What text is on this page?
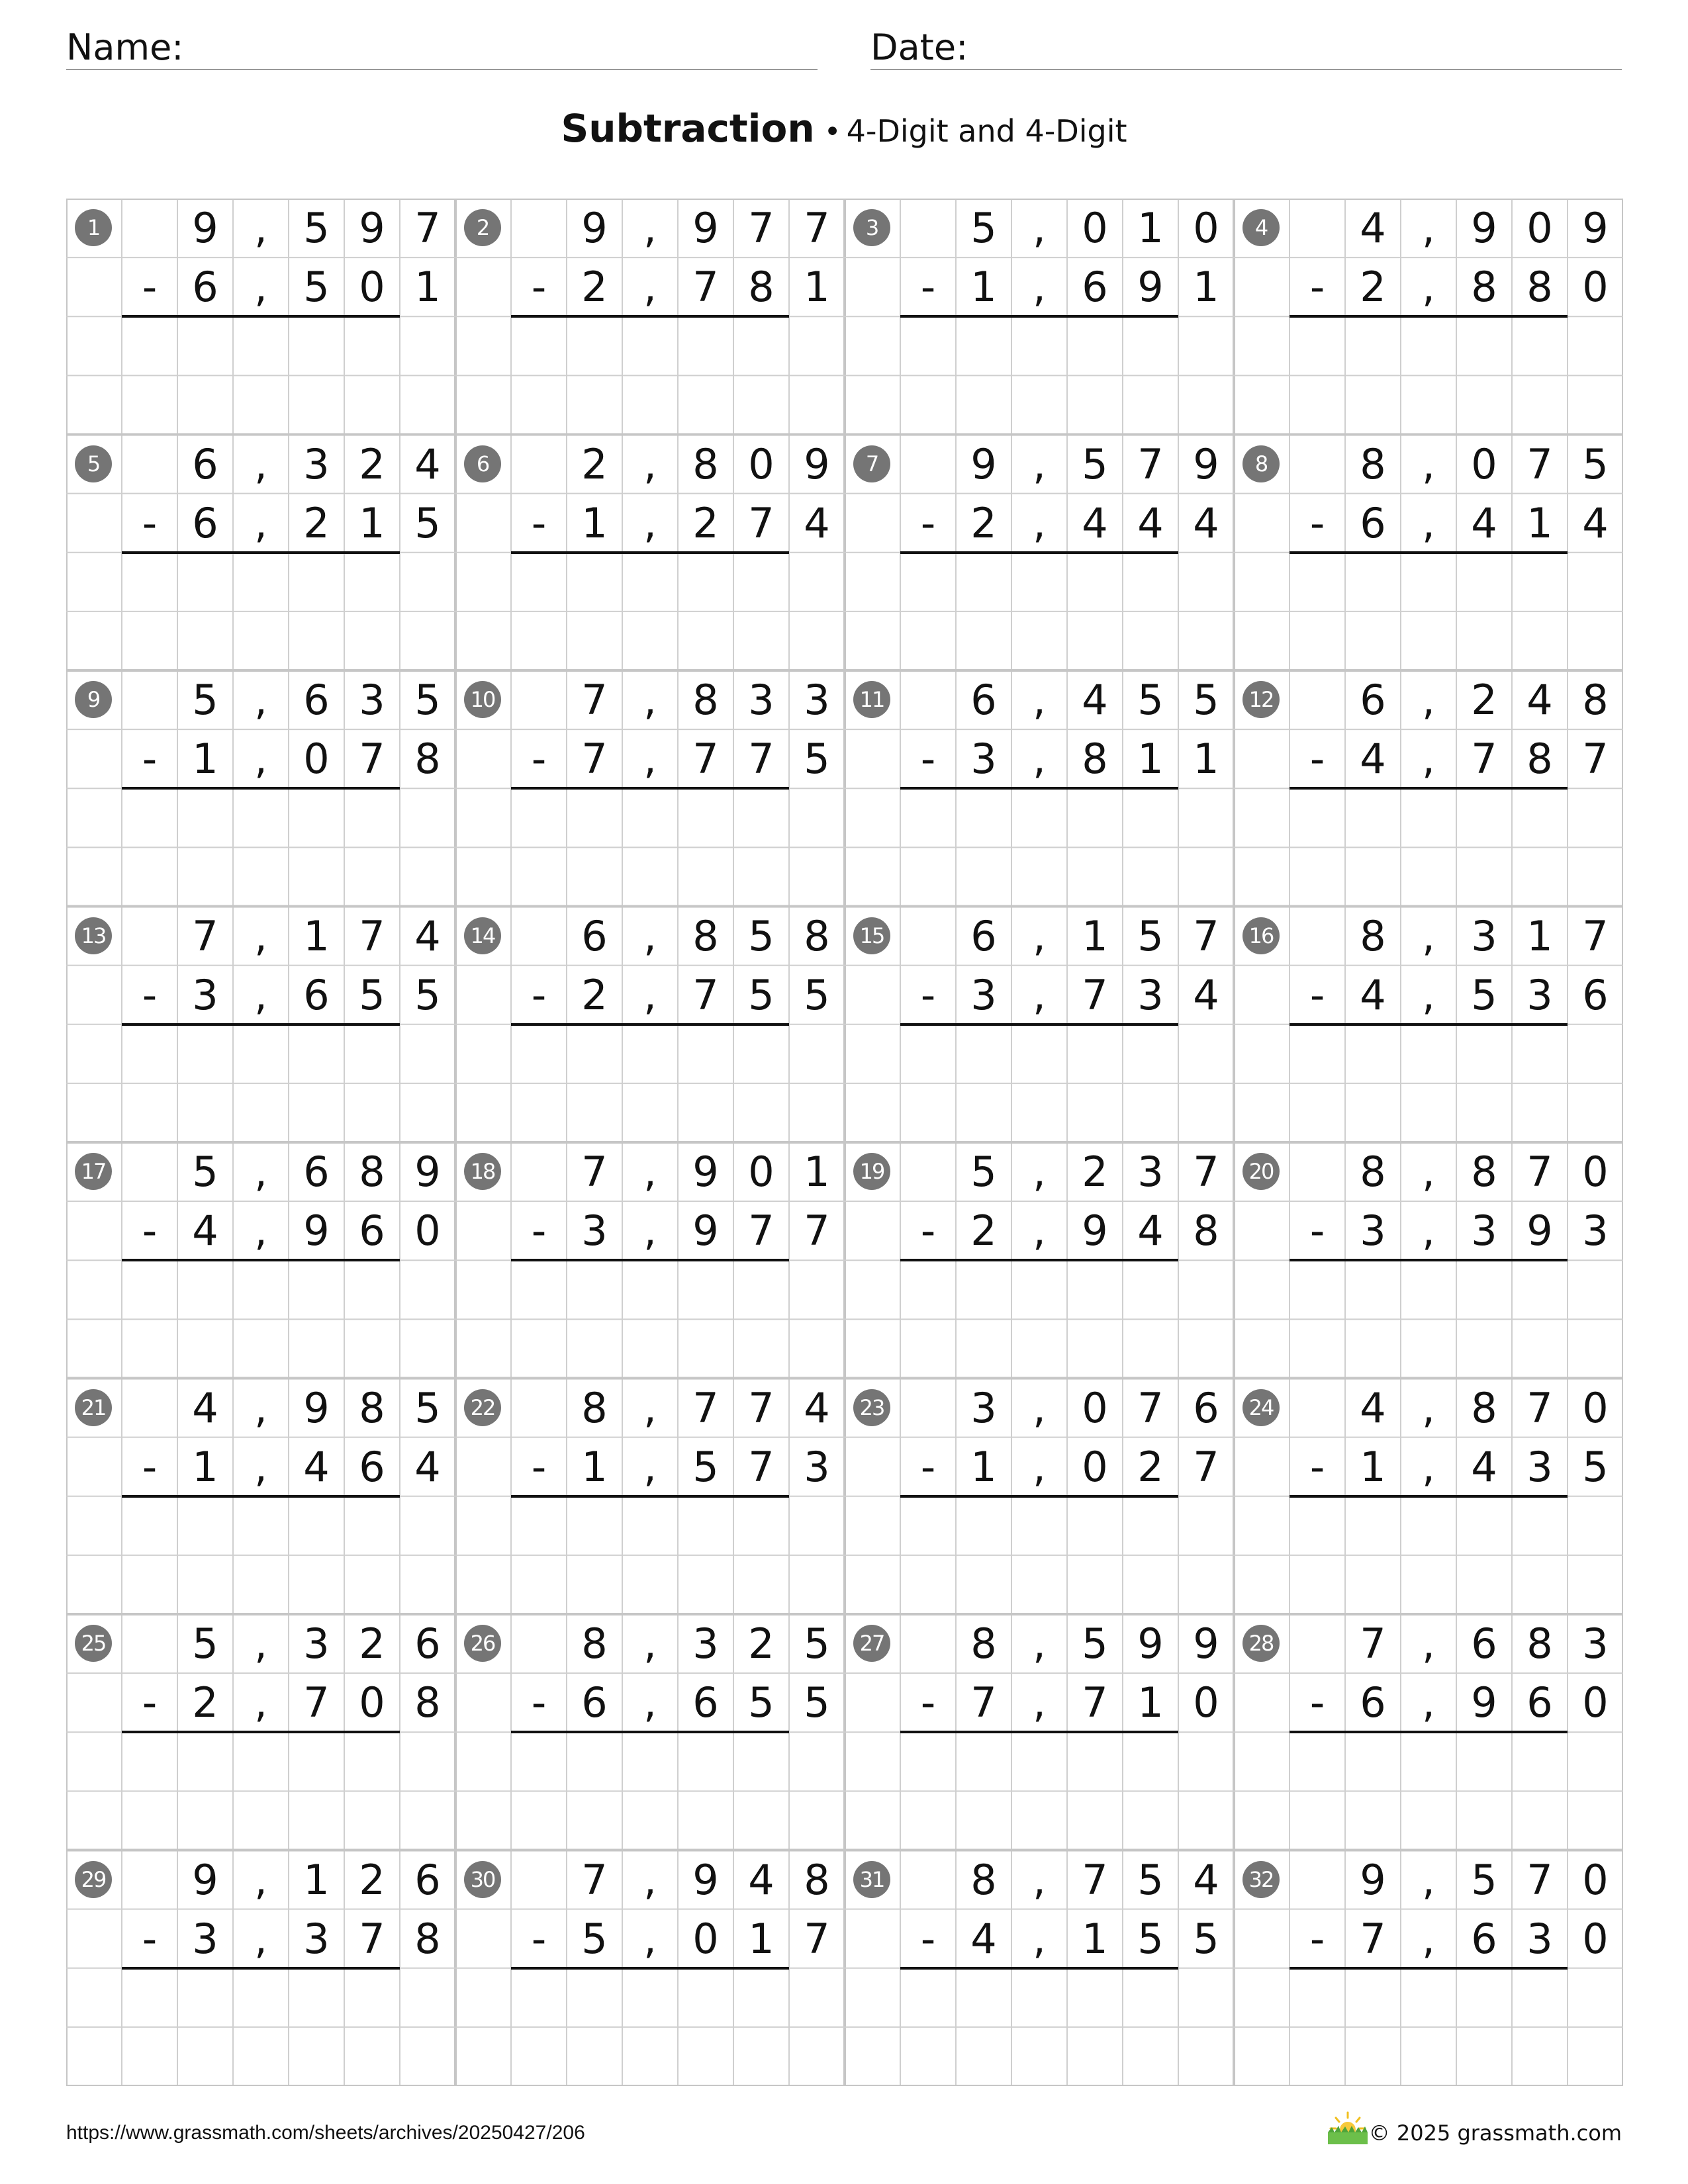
Name:	Date:
Subtraction • 4-Digit and 4-Digit
1	9 , 5 9 7
- 6 , 5 0 1
2	9 , 9 7 7
- 2 , 7 8 1
3	5 , 0 1 0
- 1 , 6 9 1
4	4 , 9 0 9
- 2 , 8 8 0
5	6 , 3 2 4
- 6 , 2 1 5
6	2 , 8 0 9
- 1 , 2 7 4
7	9 , 5 7 9
- 2 , 4 4 4
8	8 , 0 7 5
- 6 , 4 1 4
9	5 , 6 3 5
- 1 , 0 7 8
10	7 , 8 3 3
- 7 , 7 7 5
11	6 , 4 5 5
- 3 , 8 1 1
12	6 , 2 4 8
- 4 , 7 8 7
13	7 , 1 7 4
- 3 , 6 5 5
14	6 , 8 5 8
- 2 , 7 5 5
15	6 , 1 5 7
- 3 , 7 3 4
16	8 , 3 1 7
- 4 , 5 3 6
17	5 , 6 8 9
- 4 , 9 6 0
18	7 , 9 0 1
- 3 , 9 7 7
19	5 , 2 3 7
- 2 , 9 4 8
20	8 , 8 7 0
- 3 , 3 9 3
21	4 , 9 8 5
- 1 , 4 6 4
22	8 , 7 7 4
- 1 , 5 7 3
23	3 , 0 7 6
- 1 , 0 2 7
24	4 , 8 7 0
- 1 , 4 3 5
25	5 , 3 2 6
- 2 , 7 0 8
26	8 , 3 2 5
- 6 , 6 5 5
27	8 , 5 9 9
- 7 , 7 1 0
28	7 , 6 8 3
- 6 , 9 6 0
29	9 , 1 2 6
- 3 , 3 7 8
30	7 , 9 4 8
- 5 , 0 1 7
31	8 , 7 5 4
- 4 , 1 5 5
32	9 , 5 7 0
- 7 , 6 3 0
https://www.grassmath.com/sheets/archives/20250427/206	© 2025 grassmath.com
